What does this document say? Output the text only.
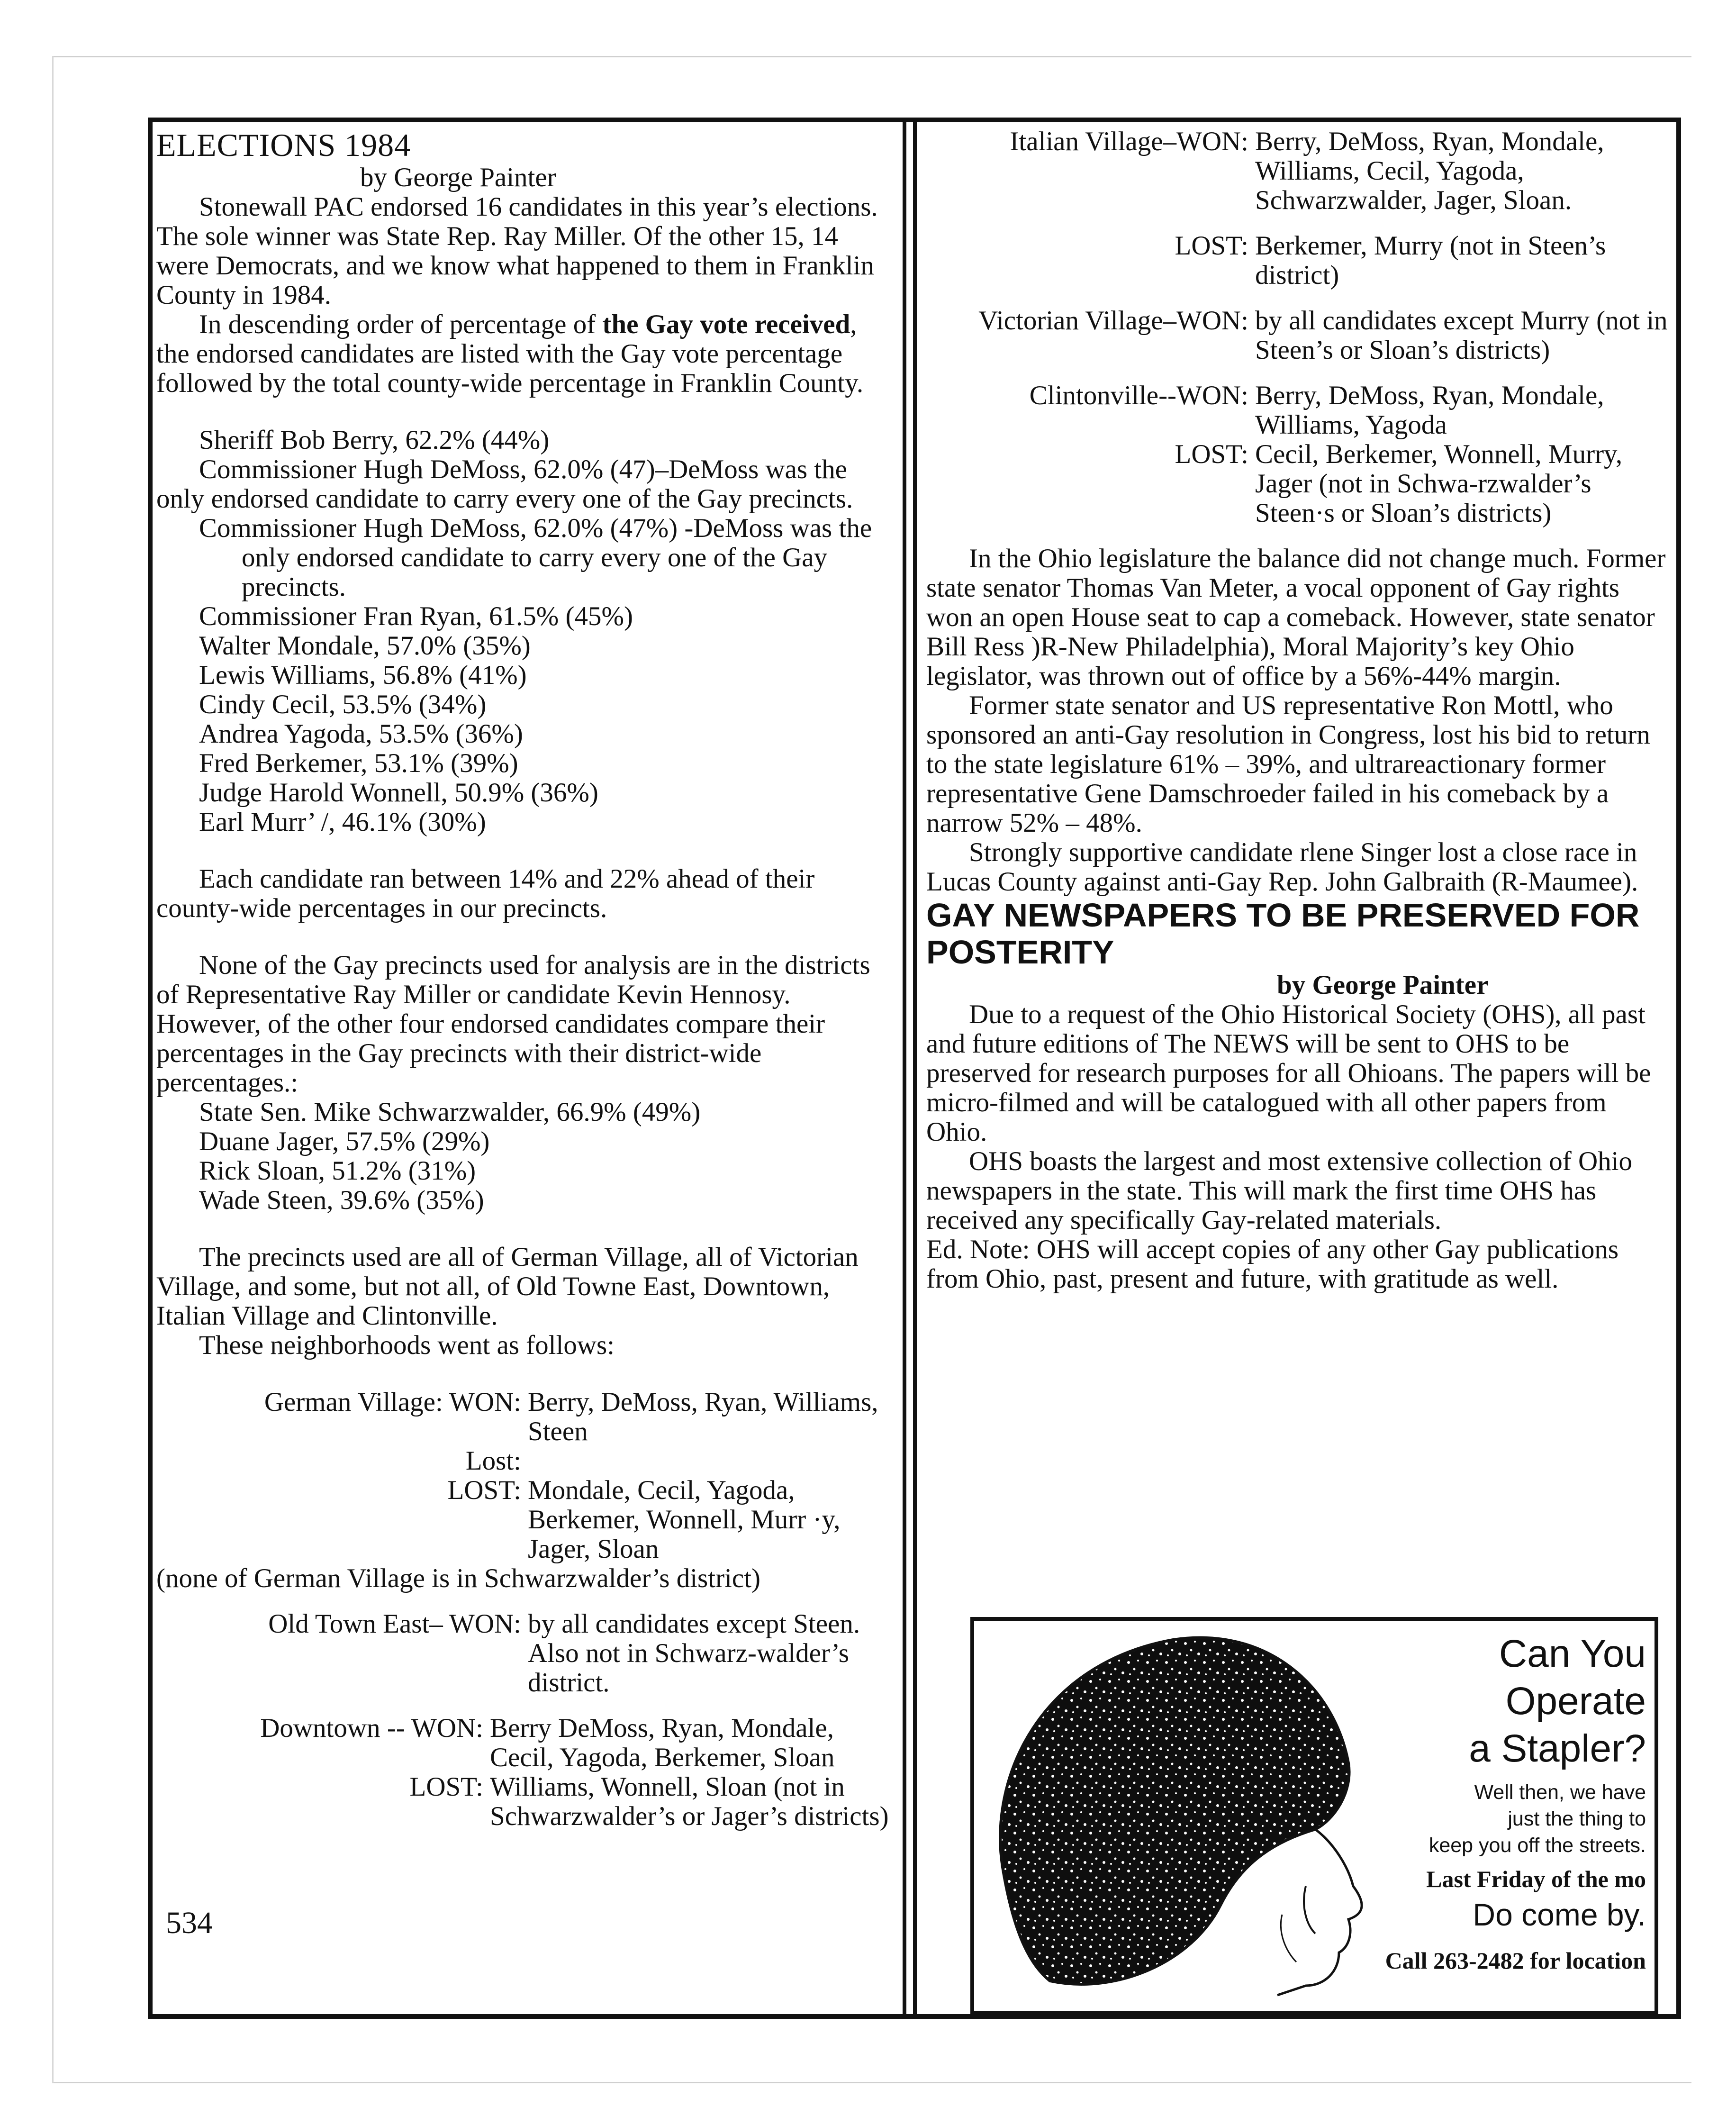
ELECTIONS 1984

by George Painter

Stonewall PAC endorsed 16 candidates in this year’s elections. The sole winner was State Rep. Ray Miller. Of the other 15, 14 were Democrats, and we know what happened to them in Franklin County in 1984.

In descending order of percentage of the Gay vote received, the endorsed candidates are listed with the Gay vote percentage followed by the total county-wide percentage in Franklin County.

Sheriff Bob Berry, 62.2% (44%)

Commissioner Hugh DeMoss, 62.0% (47)–DeMoss was the only endorsed candidate to carry every one of the Gay precincts.

Commissioner Hugh DeMoss, 62.0% (47%) -DeMoss was the only endorsed candidate to carry every one of the Gay precincts.

Commissioner Fran Ryan, 61.5% (45%)

Walter Mondale, 57.0% (35%)

Lewis Williams, 56.8% (41%)

Cindy Cecil, 53.5% (34%)

Andrea Yagoda, 53.5% (36%)

Fred Berkemer, 53.1% (39%)

Judge Harold Wonnell, 50.9% (36%)

Earl Murr’ /, 46.1% (30%)

Each candidate ran between 14% and 22% ahead of their county-wide percentages in our precincts.

None of the Gay precincts used for analysis are in the districts of Representative Ray Miller or candidate Kevin Hennosy. However, of the other four endorsed candidates compare their percentages in the Gay precincts with their district-wide percentages.:

State Sen. Mike Schwarzwalder, 66.9% (49%)

Duane Jager, 57.5% (29%)

Rick Sloan, 51.2% (31%)

Wade Steen, 39.6% (35%)

The precincts used are all of German Village, all of Victorian Village, and some, but not all, of Old Towne East, Downtown, Italian Village and Clintonville.

These neighborhoods went as follows:

German Village: WON: Berry, DeMoss, Ryan, Williams, Steen
Lost:
LOST: Mondale, Cecil, Yagoda, Berkemer, Wonnell, Murr ·y, Jager, Sloan

(none of German Village is in Schwarzwalder’s district)

Old Town East– WON: by all candidates except Steen. Also not in Schwarz-walder’s district.
Downtown -- WON: Berry DeMoss, Ryan, Mondale, Cecil, Yagoda, Berkemer, Sloan
LOST: Williams, Wonnell, Sloan (not in Schwarzwalder’s or Jager’s districts)
534
Italian Village–WON: Berry, DeMoss, Ryan, Mondale, Williams, Cecil, Yagoda, Schwarzwalder, Jager, Sloan.
LOST: Berkemer, Murry (not in Steen’s district)
Victorian Village–WON: by all candidates except Murry (not in Steen’s or Sloan’s districts)
Clintonville--WON: Berry, DeMoss, Ryan, Mondale, Williams, Yagoda
LOST: Cecil, Berkemer, Wonnell, Murry, Jager (not in Schwa-rzwalder’s Steen·s or Sloan’s districts)

In the Ohio legislature the balance did not change much. Former state senator Thomas Van Meter, a vocal opponent of Gay rights won an open House seat to cap a comeback. However, state senator Bill Ress )R-New Philadelphia), Moral Majority’s key Ohio legislator, was thrown out of office by a 56%-44% margin.

Former state senator and US representative Ron Mottl, who sponsored an anti-Gay resolution in Congress, lost his bid to return to the state legislature 61% – 39%, and ultrareactionary former representative Gene Damschroeder failed in his comeback by a narrow 52% – 48%.

Strongly supportive candidate rlene Singer lost a close race in Lucas County against anti-Gay Rep. John Galbraith (R-Maumee).

GAY NEWSPAPERS TO BE PRESERVED FOR POSTERITY

by George Painter

Due to a request of the Ohio Historical Society (OHS), all past and future editions of The NEWS will be sent to OHS to be preserved for research purposes for all Ohioans. The papers will be micro-filmed and will be catalogued with all other papers from Ohio.

OHS boasts the largest and most extensive collection of Ohio newspapers in the state. This will mark the first time OHS has received any specifically Gay-related materials.

Ed. Note: OHS will accept copies of any other Gay publications from Ohio, past, present and future, with gratitude as well.

Can You

Operate

a Stapler?

Well then, we have

just the thing to

keep you off the streets.

Last Friday of the mo

Do come by.

Call 263-2482 for location
